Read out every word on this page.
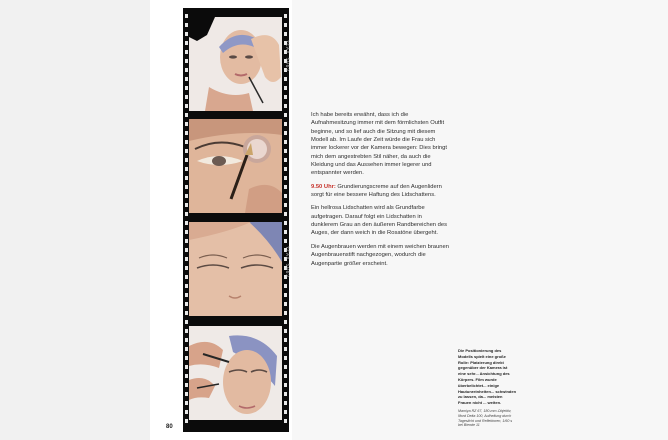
YCAX 5063
YCAX 5063

Ich habe bereits erwähnt, dass ich die Aufnahmesitzung immer mit dem förmlichsten Outfit beginne, und so lief auch die Sitzung mit diesem Modell ab. Im Laufe der Zeit würde die Frau sich immer lockerer vor der Kamera bewegen: Dies bringt mich dem angestrebten Stil näher, da auch die Kleidung und das Aussehen immer legerer und entspannter werden.

9.50 Uhr: Grundierungscreme auf den Augenlidern sorgt für eine bessere Haftung des Lidschattens.

Ein hellrosa Lidschatten wird als Grundfarbe aufgetragen. Darauf folgt ein Lidschatten in dunklerem Grau an den äußeren Randbereichen des Auges, der dann weich in die Rosatöne übergeht.

Die Augenbrauen werden mit einem weichen braunen Augenbrauenstift nachgezogen, wodurch die Augenpartie größer erscheint.

Die Positionierung des Modells spielt eine große Rolle: Platzierung direkt gegenüber der Kamera ist eine sehr... Ansichtung des Körpers. Film wurde überbelichtet... einige Hautunreinheiten... schwinden zu lassen, da... meisten Frauen nicht ... weiten.
Mamiya RZ 67, 180-mm-Objektiv, Ilford Delta 100, Aufhellung durch Tageslicht und Reflektoren, 1/60 s bei Blende 11
80
